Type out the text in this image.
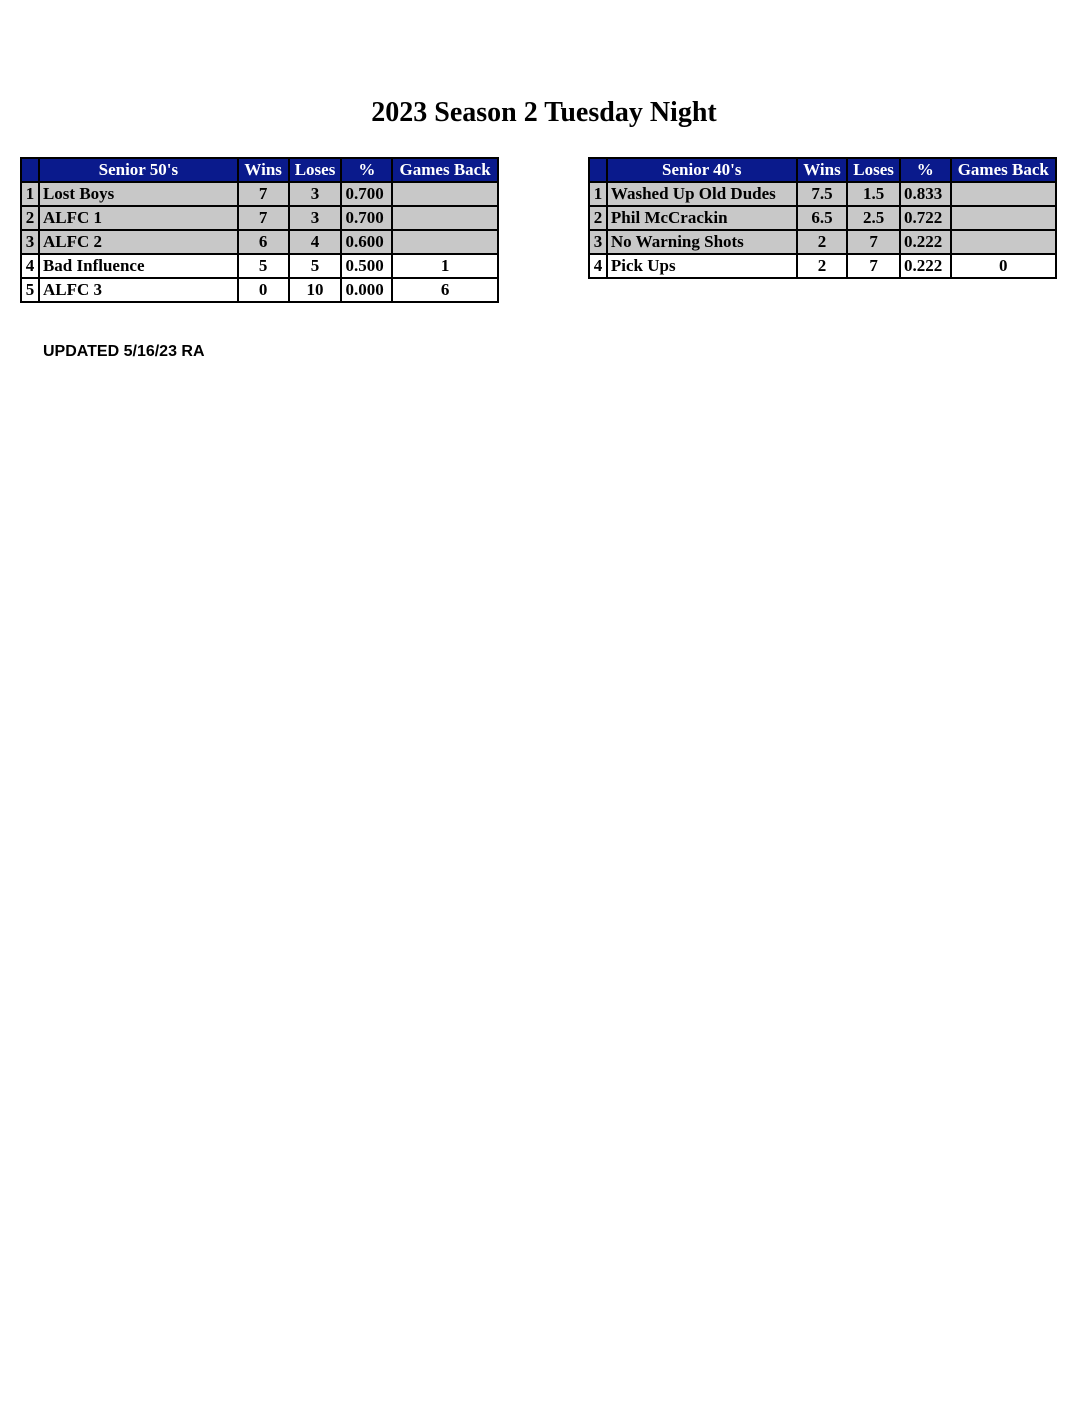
2023 Season 2 Tuesday Night
	Senior 50's	Wins	Loses	%	Games Back
1	Lost Boys	7	3	0.700	
2	ALFC 1	7	3	0.700	
3	ALFC 2	6	4	0.600	
4	Bad Influence	5	5	0.500	1
5	ALFC 3	0	10	0.000	6
	Senior 40's	Wins	Loses	%	Games Back
1	Washed Up Old Dudes	7.5	1.5	0.833	
2	Phil McCrackin	6.5	2.5	0.722	
3	No Warning Shots	2	7	0.222	
4	Pick Ups	2	7	0.222	0

UPDATED 5/16/23 RA
